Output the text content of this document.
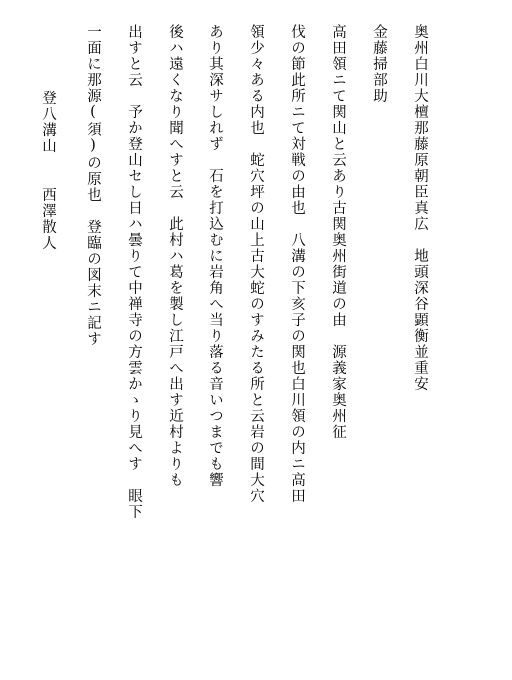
奥州白川大檀那藤原朝臣真広　地頭深谷顕衡並重安
金藤掃部助
高田領ニて関山と云あり古関奥州街道の由　源義家奥州征
伐の節此所ニて対戦の由也　八溝の下亥子の関也白川領の内ニ高田
領少々ある内也　蛇穴坪の山上古大蛇のすみたる所と云岩の間大穴
あり其深サしれず　石を打込むに岩角へ当り落る音いつまでも響
後ハ遠くなり聞へすと云　此村ハ葛を製し江戸へ出す近村よりも
出すと云　予か登山セし日ハ曇りて中禅寺の方雲かゝり見へす　眼下
一面に那源(須)の原也　登臨の図末ニ記す
登八溝山
西澤散人
